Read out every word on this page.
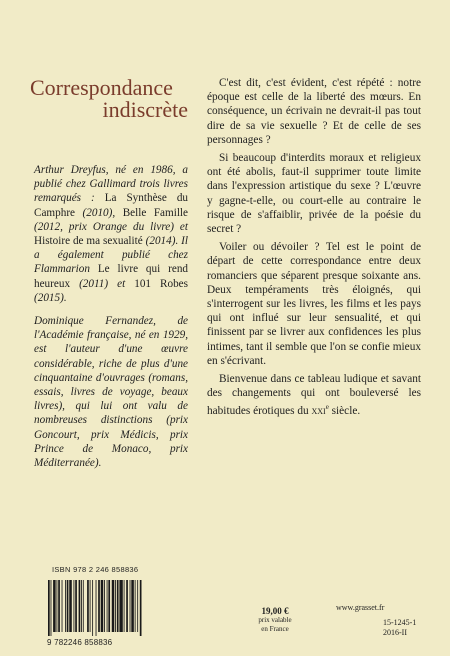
Correspondance
indiscrète

Arthur Dreyfus, né en 1986, a publié chez Gallimard trois livres remarqués : La Synthèse du Camphre (2010), Belle Famille (2012, prix Orange du livre) et Histoire de ma sexualité (2014). Il a également publié chez Flammarion Le livre qui rend heureux (2011) et 101 Robes (2015).

Dominique Fernandez, de l'Académie française, né en 1929, est l'auteur d'une œuvre considérable, riche de plus d'une cinquantaine d'ouvrages (romans, essais, livres de voyage, beaux livres), qui lui ont valu de nombreuses distinctions (prix Goncourt, prix Médicis, prix Prince de Monaco, prix Méditerranée).

C'est dit, c'est évident, c'est répété : notre époque est celle de la liberté des mœurs. En conséquence, un écrivain ne devrait-il pas tout dire de sa vie sexuelle ? Et de celle de ses personnages ?

Si beaucoup d'interdits moraux et religieux ont été abolis, faut-il supprimer toute limite dans l'expression artistique du sexe ? L'œuvre y gagne-t-elle, ou court-elle au contraire le risque de s'affaiblir, privée de la poésie du secret ?

Voiler ou dévoiler ? Tel est le point de départ de cette correspondance entre deux romanciers que séparent presque soixante ans. Deux tempéraments très éloignés, qui s'interrogent sur les livres, les films et les pays qui ont influé sur leur sensualité, et qui finissent par se livrer aux confidences les plus intimes, tant il semble que l'on se confie mieux en s'écrivant.

Bienvenue dans ce tableau ludique et savant des changements qui ont bouleversé les habitudes érotiques du XXIe siècle.

ISBN 978 2 246 858836
9 782246 858836
19,00 €
prix valable
en France
www.grasset.fr
15-1245-1
2016-II
